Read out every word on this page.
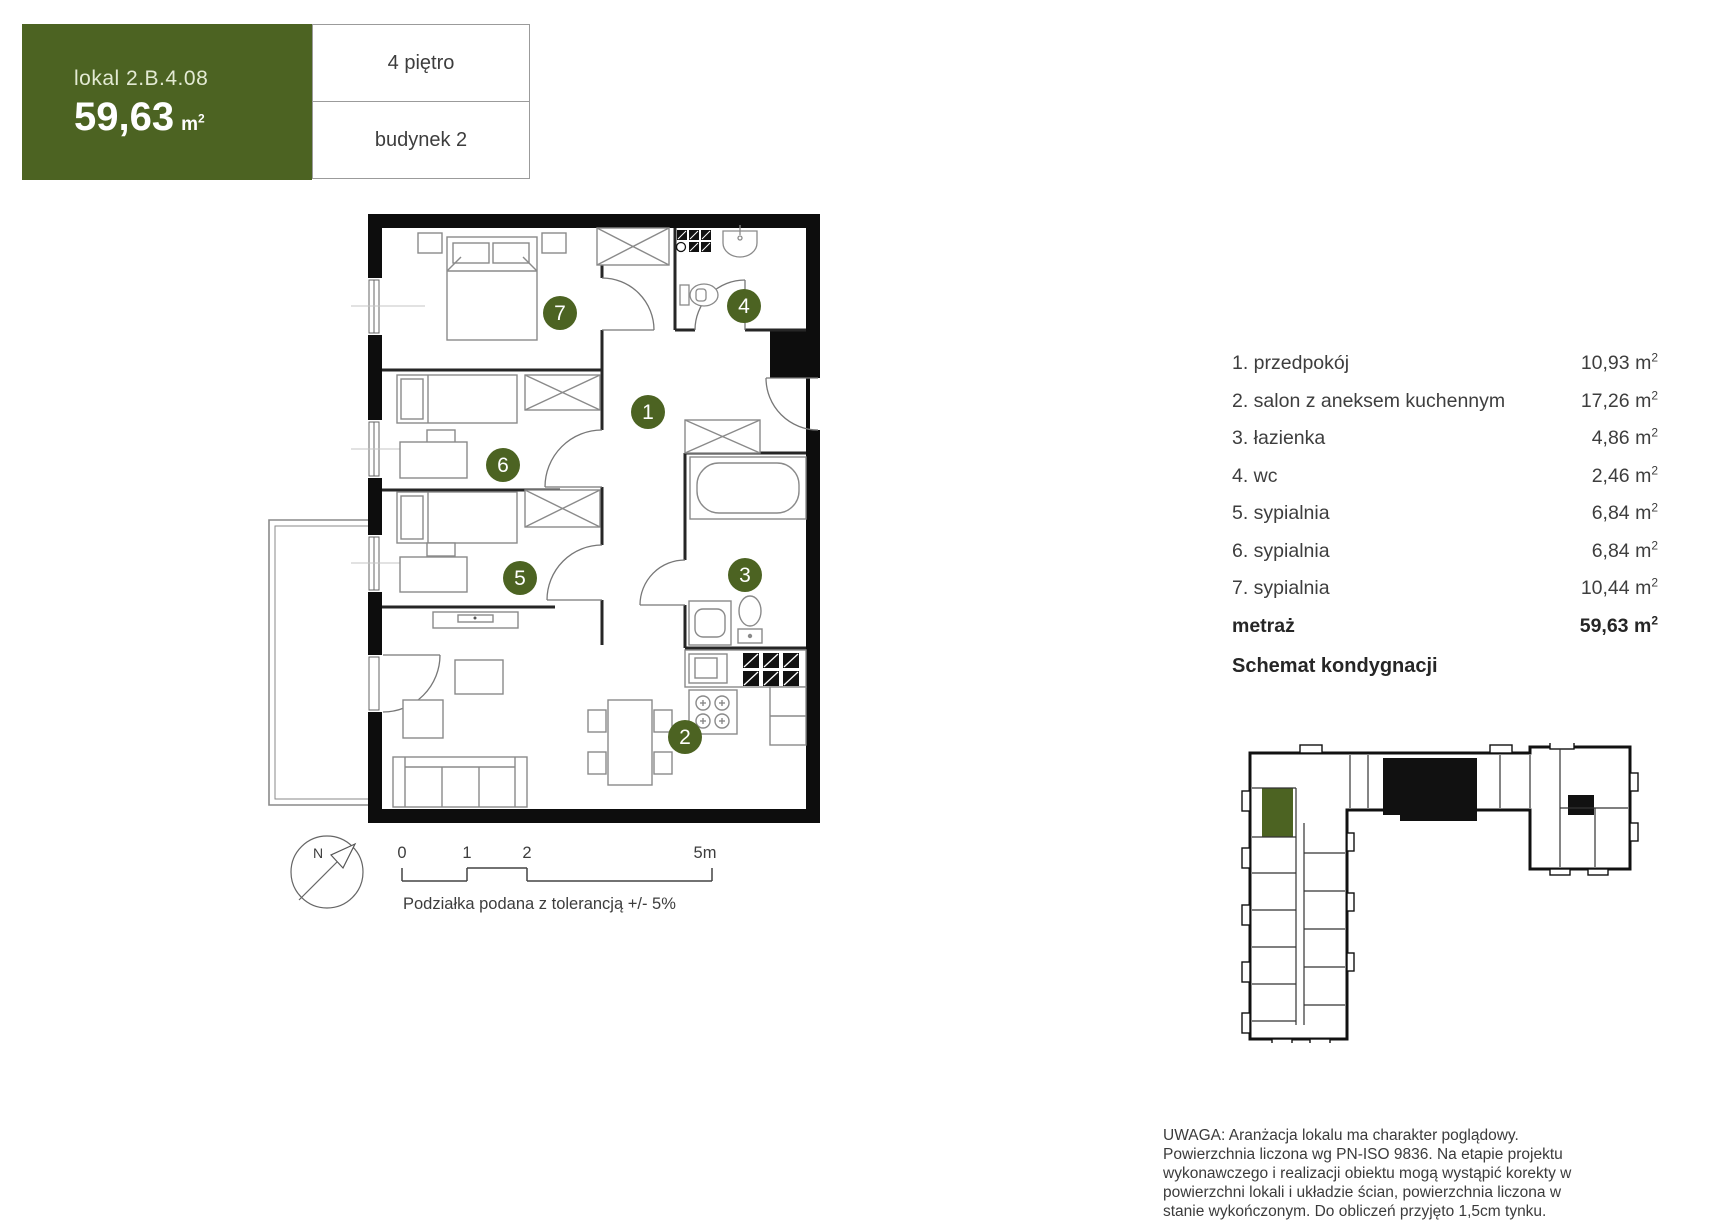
lokal 2.B.4.08
59,63 $m^2$
4 piętro
budynek 2
7
1
4
6
5	3
2
N	0	1	2	5m
Podziałka podana z tolerancją +/- 5%
1. przedpokój	10,93 $m^2$
2. salon z aneksem kuchennym	17,26 $m^2$
3. łazienka	4,86 $m^2$
4. wc	2,46 $m^2$
5. sypialnia	6,84 $m^2$
6. sypialnia	6,84 $m^2$
7. sypialnia	10,44 $m^2$
metraż	59,63 $m^2$
Schemat kondygnacji

UWAGA: Aranżacja lokalu ma charakter poglądowy. Powierzchnia liczona wg PN-ISO 9836. Na etapie projektu wykonawczego i realizacji obiektu mogą wystąpić korekty w powierzchni lokali i układzie ścian, powierzchnia liczona w stanie wykończonym. Do obliczeń przyjęto 1,5cm tynku.
